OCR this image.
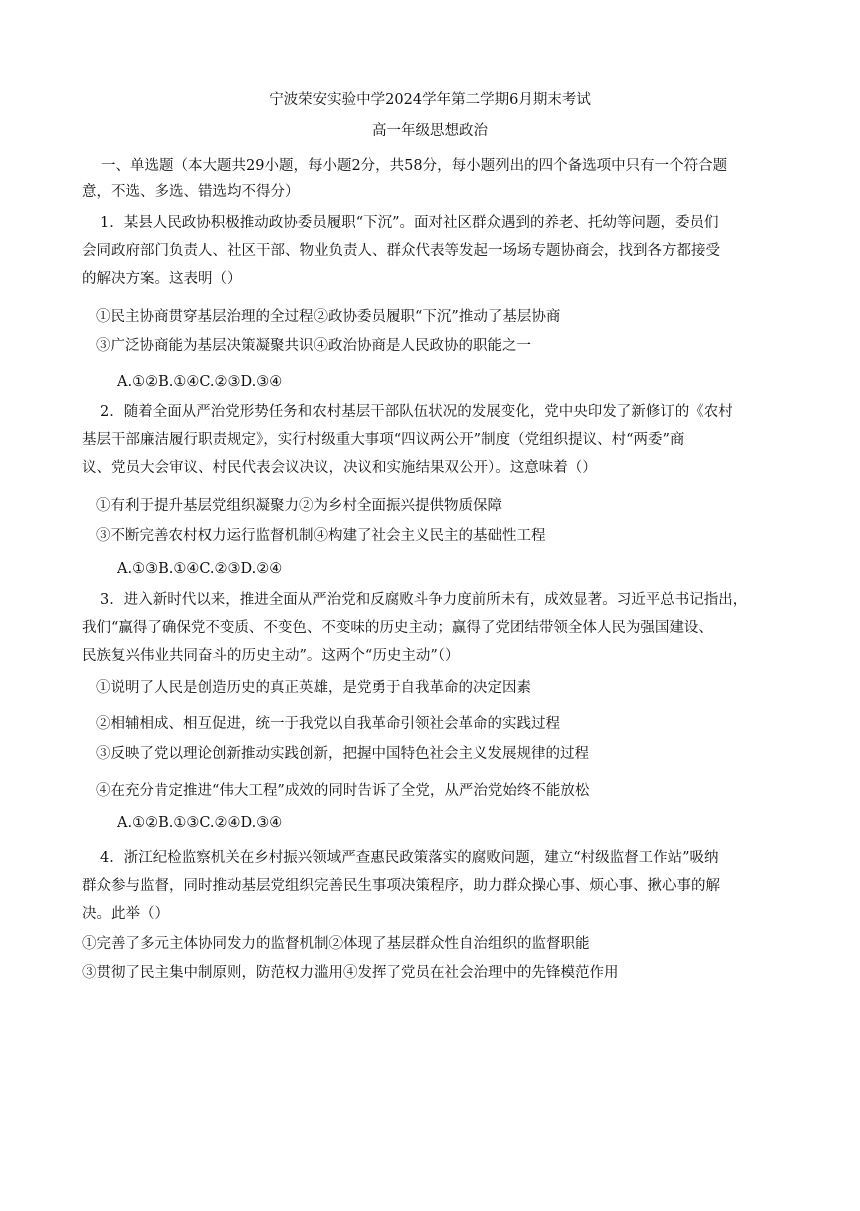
宁波荣安实验中学2024学年第二学期6月期末考试
高一年级思想政治
一、单选题（本大题共29小题，每小题2分，共58分，每小题列出的四个备选项中只有一个符合题
意，不选、多选、错选均不得分）
1．某县人民政协积极推动政协委员履职“下沉”。面对社区群众遇到的养老、托幼等问题，委员们
会同政府部门负责人、社区干部、物业负责人、群众代表等发起一场场专题协商会，找到各方都接受
的解决方案。这表明（）
①民主协商贯穿基层治理的全过程②政协委员履职“下沉”推动了基层协商
③广泛协商能为基层决策凝聚共识④政治协商是人民政协的职能之一
A.①②B.①④C.②③D.③④
2．随着全面从严治党形势任务和农村基层干部队伍状况的发展变化，党中央印发了新修订的《农村
基层干部廉洁履行职责规定》，实行村级重大事项“四议两公开”制度（党组织提议、村“两委”商
议、党员大会审议、村民代表会议决议，决议和实施结果双公开）。这意味着（）
①有利于提升基层党组织凝聚力②为乡村全面振兴提供物质保障
③不断完善农村权力运行监督机制④构建了社会主义民主的基础性工程
A.①③B.①④C.②③D.②④
3．进入新时代以来，推进全面从严治党和反腐败斗争力度前所未有，成效显著。习近平总书记指出，
我们“赢得了确保党不变质、不变色、不变味的历史主动；赢得了党团结带领全体人民为强国建设、
民族复兴伟业共同奋斗的历史主动”。这两个“历史主动”（）
①说明了人民是创造历史的真正英雄，是党勇于自我革命的决定因素
②相辅相成、相互促进，统一于我党以自我革命引领社会革命的实践过程
③反映了党以理论创新推动实践创新，把握中国特色社会主义发展规律的过程
④在充分肯定推进“伟大工程”成效的同时告诉了全党，从严治党始终不能放松
A.①②B.①③C.②④D.③④
4．浙江纪检监察机关在乡村振兴领域严查惠民政策落实的腐败问题，建立“村级监督工作站”吸纳
群众参与监督，同时推动基层党组织完善民生事项决策程序，助力群众操心事、烦心事、揪心事的解
决。此举（）
①完善了多元主体协同发力的监督机制②体现了基层群众性自治组织的监督职能
③贯彻了民主集中制原则，防范权力滥用④发挥了党员在社会治理中的先锋模范作用
